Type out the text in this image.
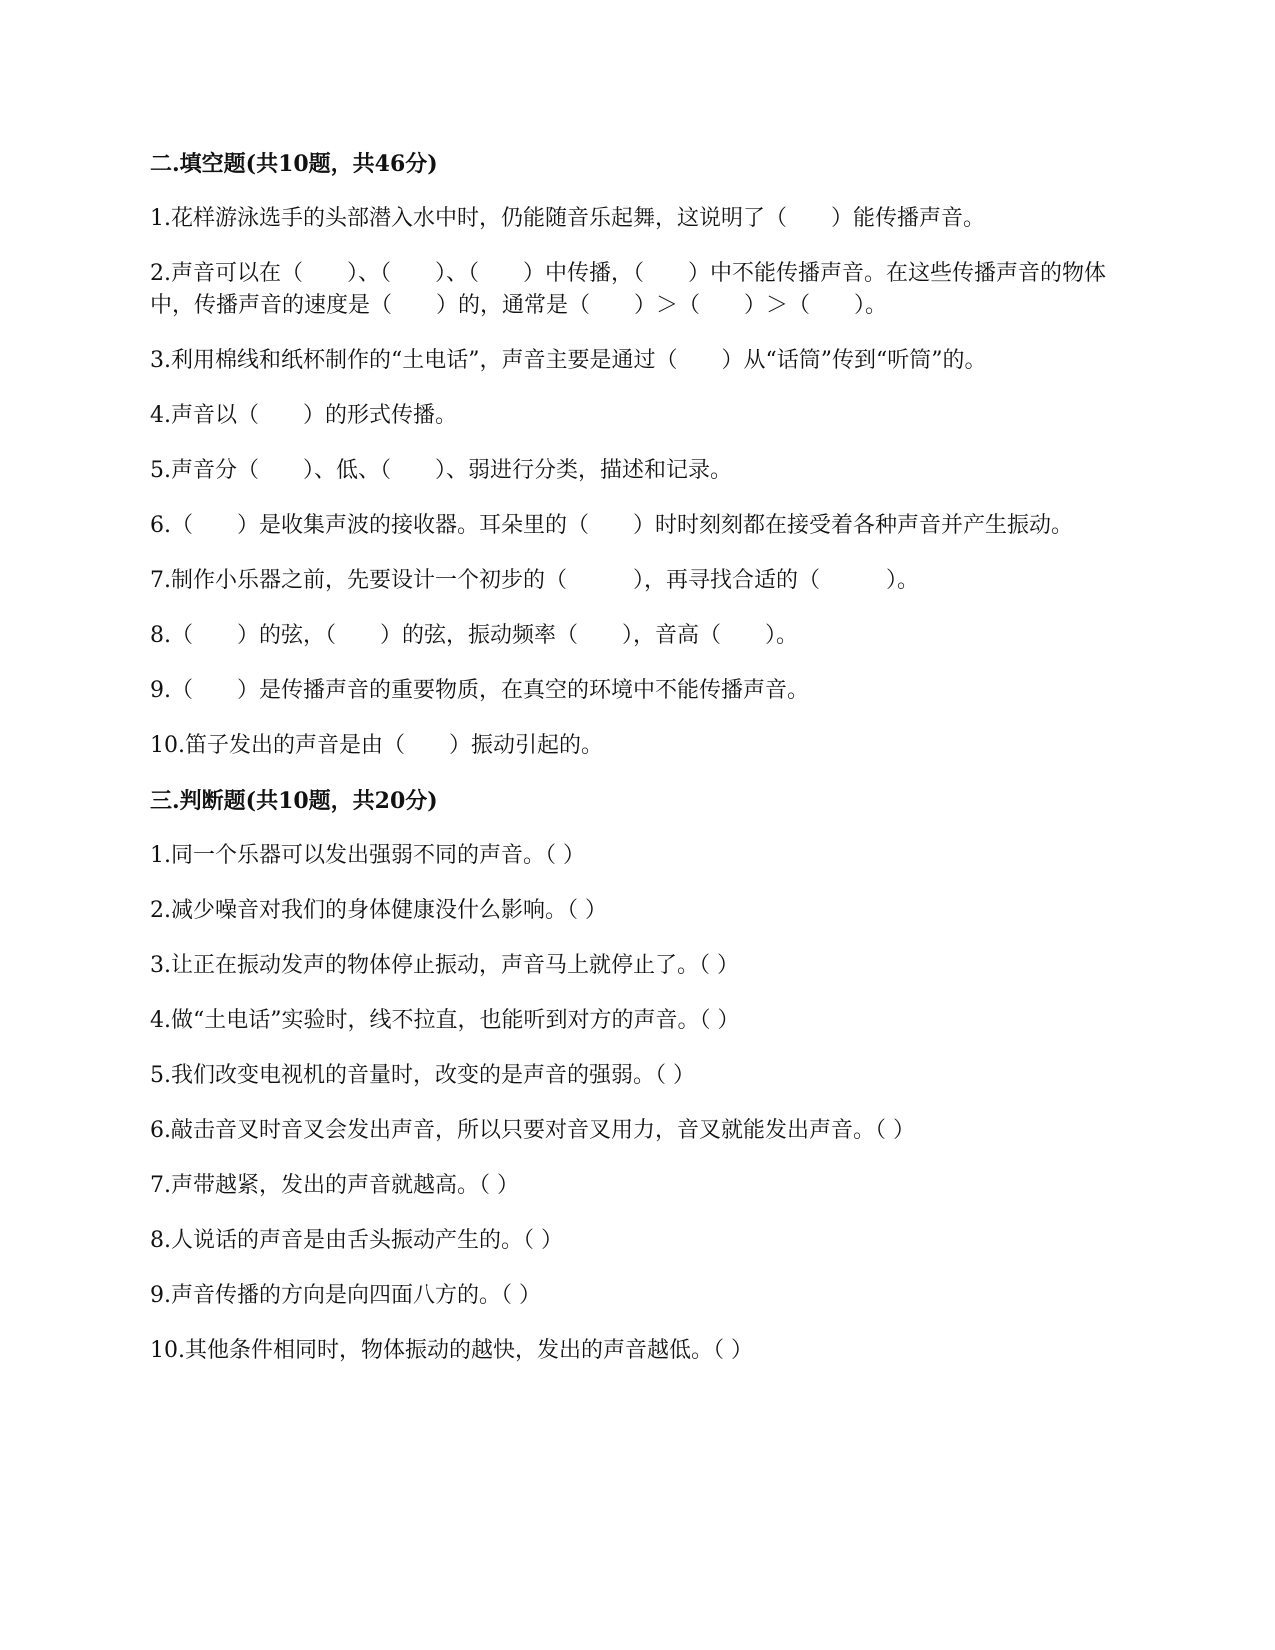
二.填空题(共10题，共46分)
1.花样游泳选手的头部潜入水中时，仍能随音乐起舞，这说明了（　　）能传播声音。
2.声音可以在（　　）、（　　）、（　　）中传播，（　　）中不能传播声音。在这些传播声音的物体中，传播声音的速度是（　　）的，通常是（　　）＞（　　）＞（　　）。
3.利用棉线和纸杯制作的“土电话”，声音主要是通过（　　）从“话筒”传到“听筒”的。
4.声音以（　　）的形式传播。
5.声音分（　　）、低、（　　）、弱进行分类，描述和记录。
6.（　　）是收集声波的接收器。耳朵里的（　　）时时刻刻都在接受着各种声音并产生振动。
7.制作小乐器之前，先要设计一个初步的（　　　），再寻找合适的（　　　）。
8.（　　）的弦，（　　）的弦，振动频率（　　），音高（　　）。
9.（　　）是传播声音的重要物质，在真空的环境中不能传播声音。
10.笛子发出的声音是由（　　）振动引起的。
三.判断题(共10题，共20分)
1.同一个乐器可以发出强弱不同的声音。（ ）
2.减少噪音对我们的身体健康没什么影响。（ ）
3.让正在振动发声的物体停止振动，声音马上就停止了。（ ）
4.做“土电话”实验时，线不拉直，也能听到对方的声音。（ ）
5.我们改变电视机的音量时，改变的是声音的强弱。（ ）
6.敲击音叉时音叉会发出声音，所以只要对音叉用力，音叉就能发出声音。（ ）
7.声带越紧，发出的声音就越高。（ ）
8.人说话的声音是由舌头振动产生的。（ ）
9.声音传播的方向是向四面八方的。（ ）
10.其他条件相同时，物体振动的越快，发出的声音越低。（ ）
